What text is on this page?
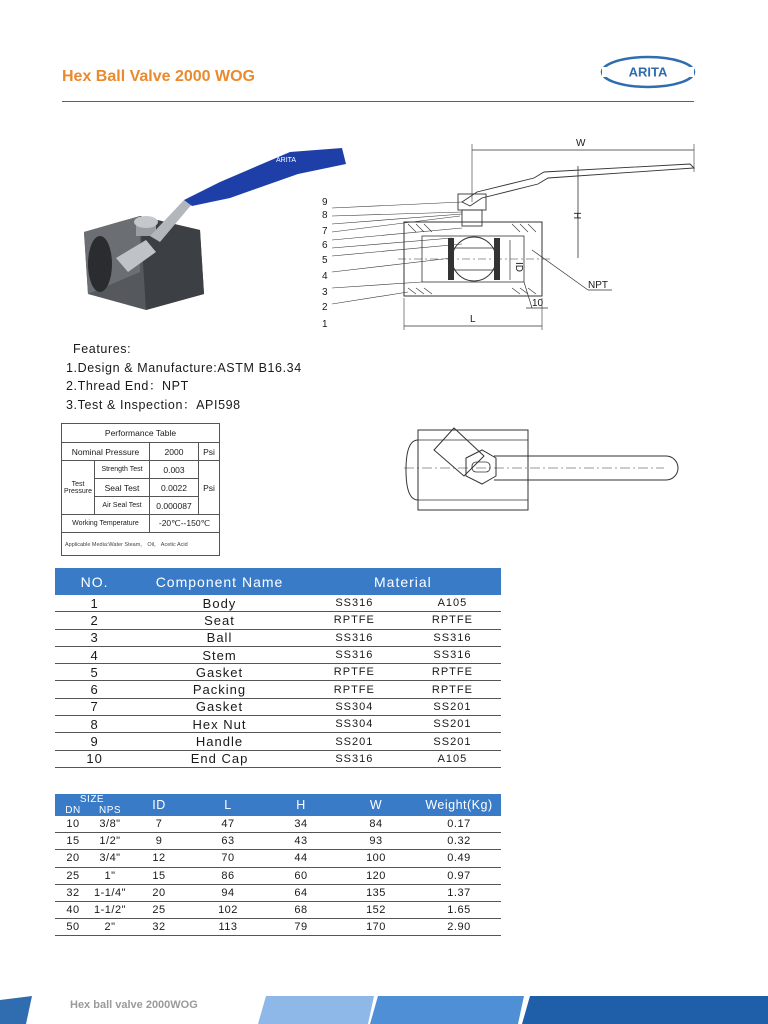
Hex Ball Valve 2000 WOG	ARITA
ARITA
W
H
ID
NPT
10
L
9
8
7
6
5
4
3
2
1
Features:
1.Design & Manufacture:ASTM B16.34
2.Thread End：NPT
3.Test & Inspection：API598
Performance Table			
Nominal Pressure		2000	Psi
Test Pressure	Strength Test	0.003	Psi
	Seal Test	0.0022	
	Air Seal Test	0.000087	
Working Temperature		-20℃--150℃	
Applicable Media:Water Steam， Oil， Acetic Acid			
NO.	Component Name	Material	
1	Body	SS316	A105
2	Seat	RPTFE	RPTFE
3	Ball	SS316	SS316
4	Stem	SS316	SS316
5	Gasket	RPTFE	RPTFE
6	Packing	RPTFE	RPTFE
7	Gasket	SS304	SS201
8	Hex Nut	SS304	SS201
9	Handle	SS201	SS201
10	End Cap	SS316	A105
SIZE		ID	L	H	W	Weight(Kg)
DN	NPS					
10	3/8"	7	47	34	84	0.17
15	1/2"	9	63	43	93	0.32
20	3/4"	12	70	44	100	0.49
25	1"	15	86	60	120	0.97
32	1-1/4"	20	94	64	135	1.37
40	1-1/2"	25	102	68	152	1.65
50	2"	32	113	79	170	2.90
Hex ball valve 2000WOG
